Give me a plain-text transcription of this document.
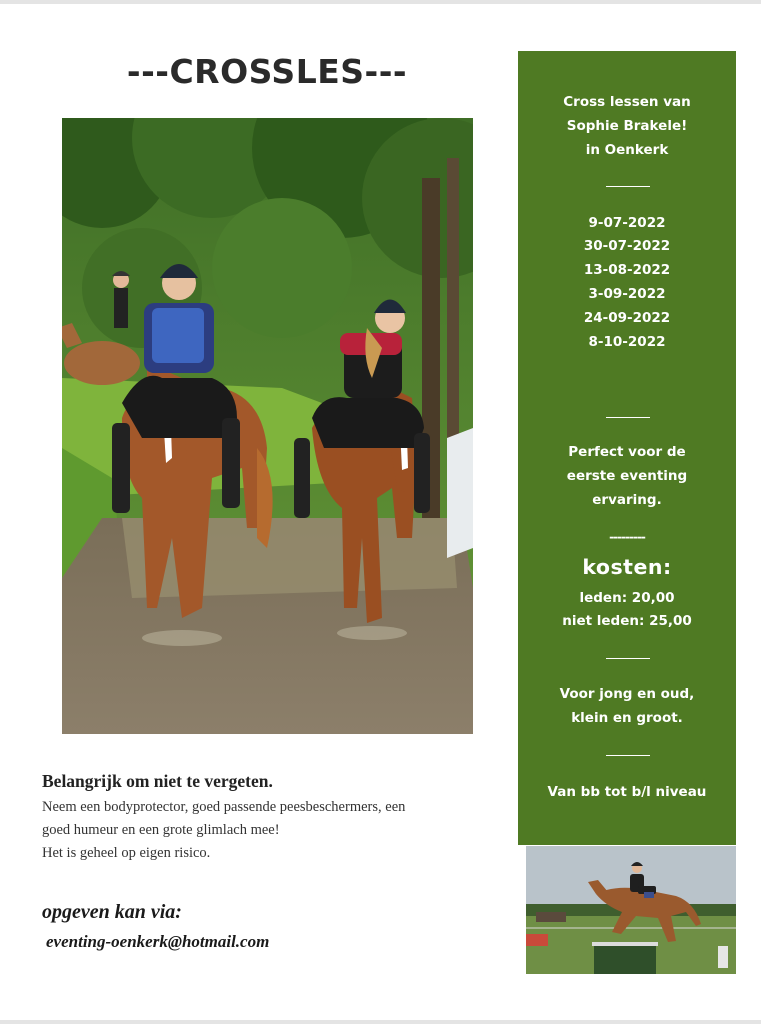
---CROSSLES---
Belangrijk om niet te vergeten.
Neem een bodyprotector, goed passende peesbeschermers, een
goed humeur en een grote glimlach mee!
Het is geheel op eigen risico.
opgeven kan via:
eventing-oenkerk@hotmail.com
Cross lessen van
Sophie Brakele!
in Oenkerk
9-07-2022
30-07-2022
13-08-2022
3-09-2022
24-09-2022
8-10-2022
Perfect voor de
eerste eventing
ervaring.
---------
kosten:
leden: 20,00
niet leden: 25,00
Voor jong en oud,
klein en groot.
Van bb tot b/l niveau
